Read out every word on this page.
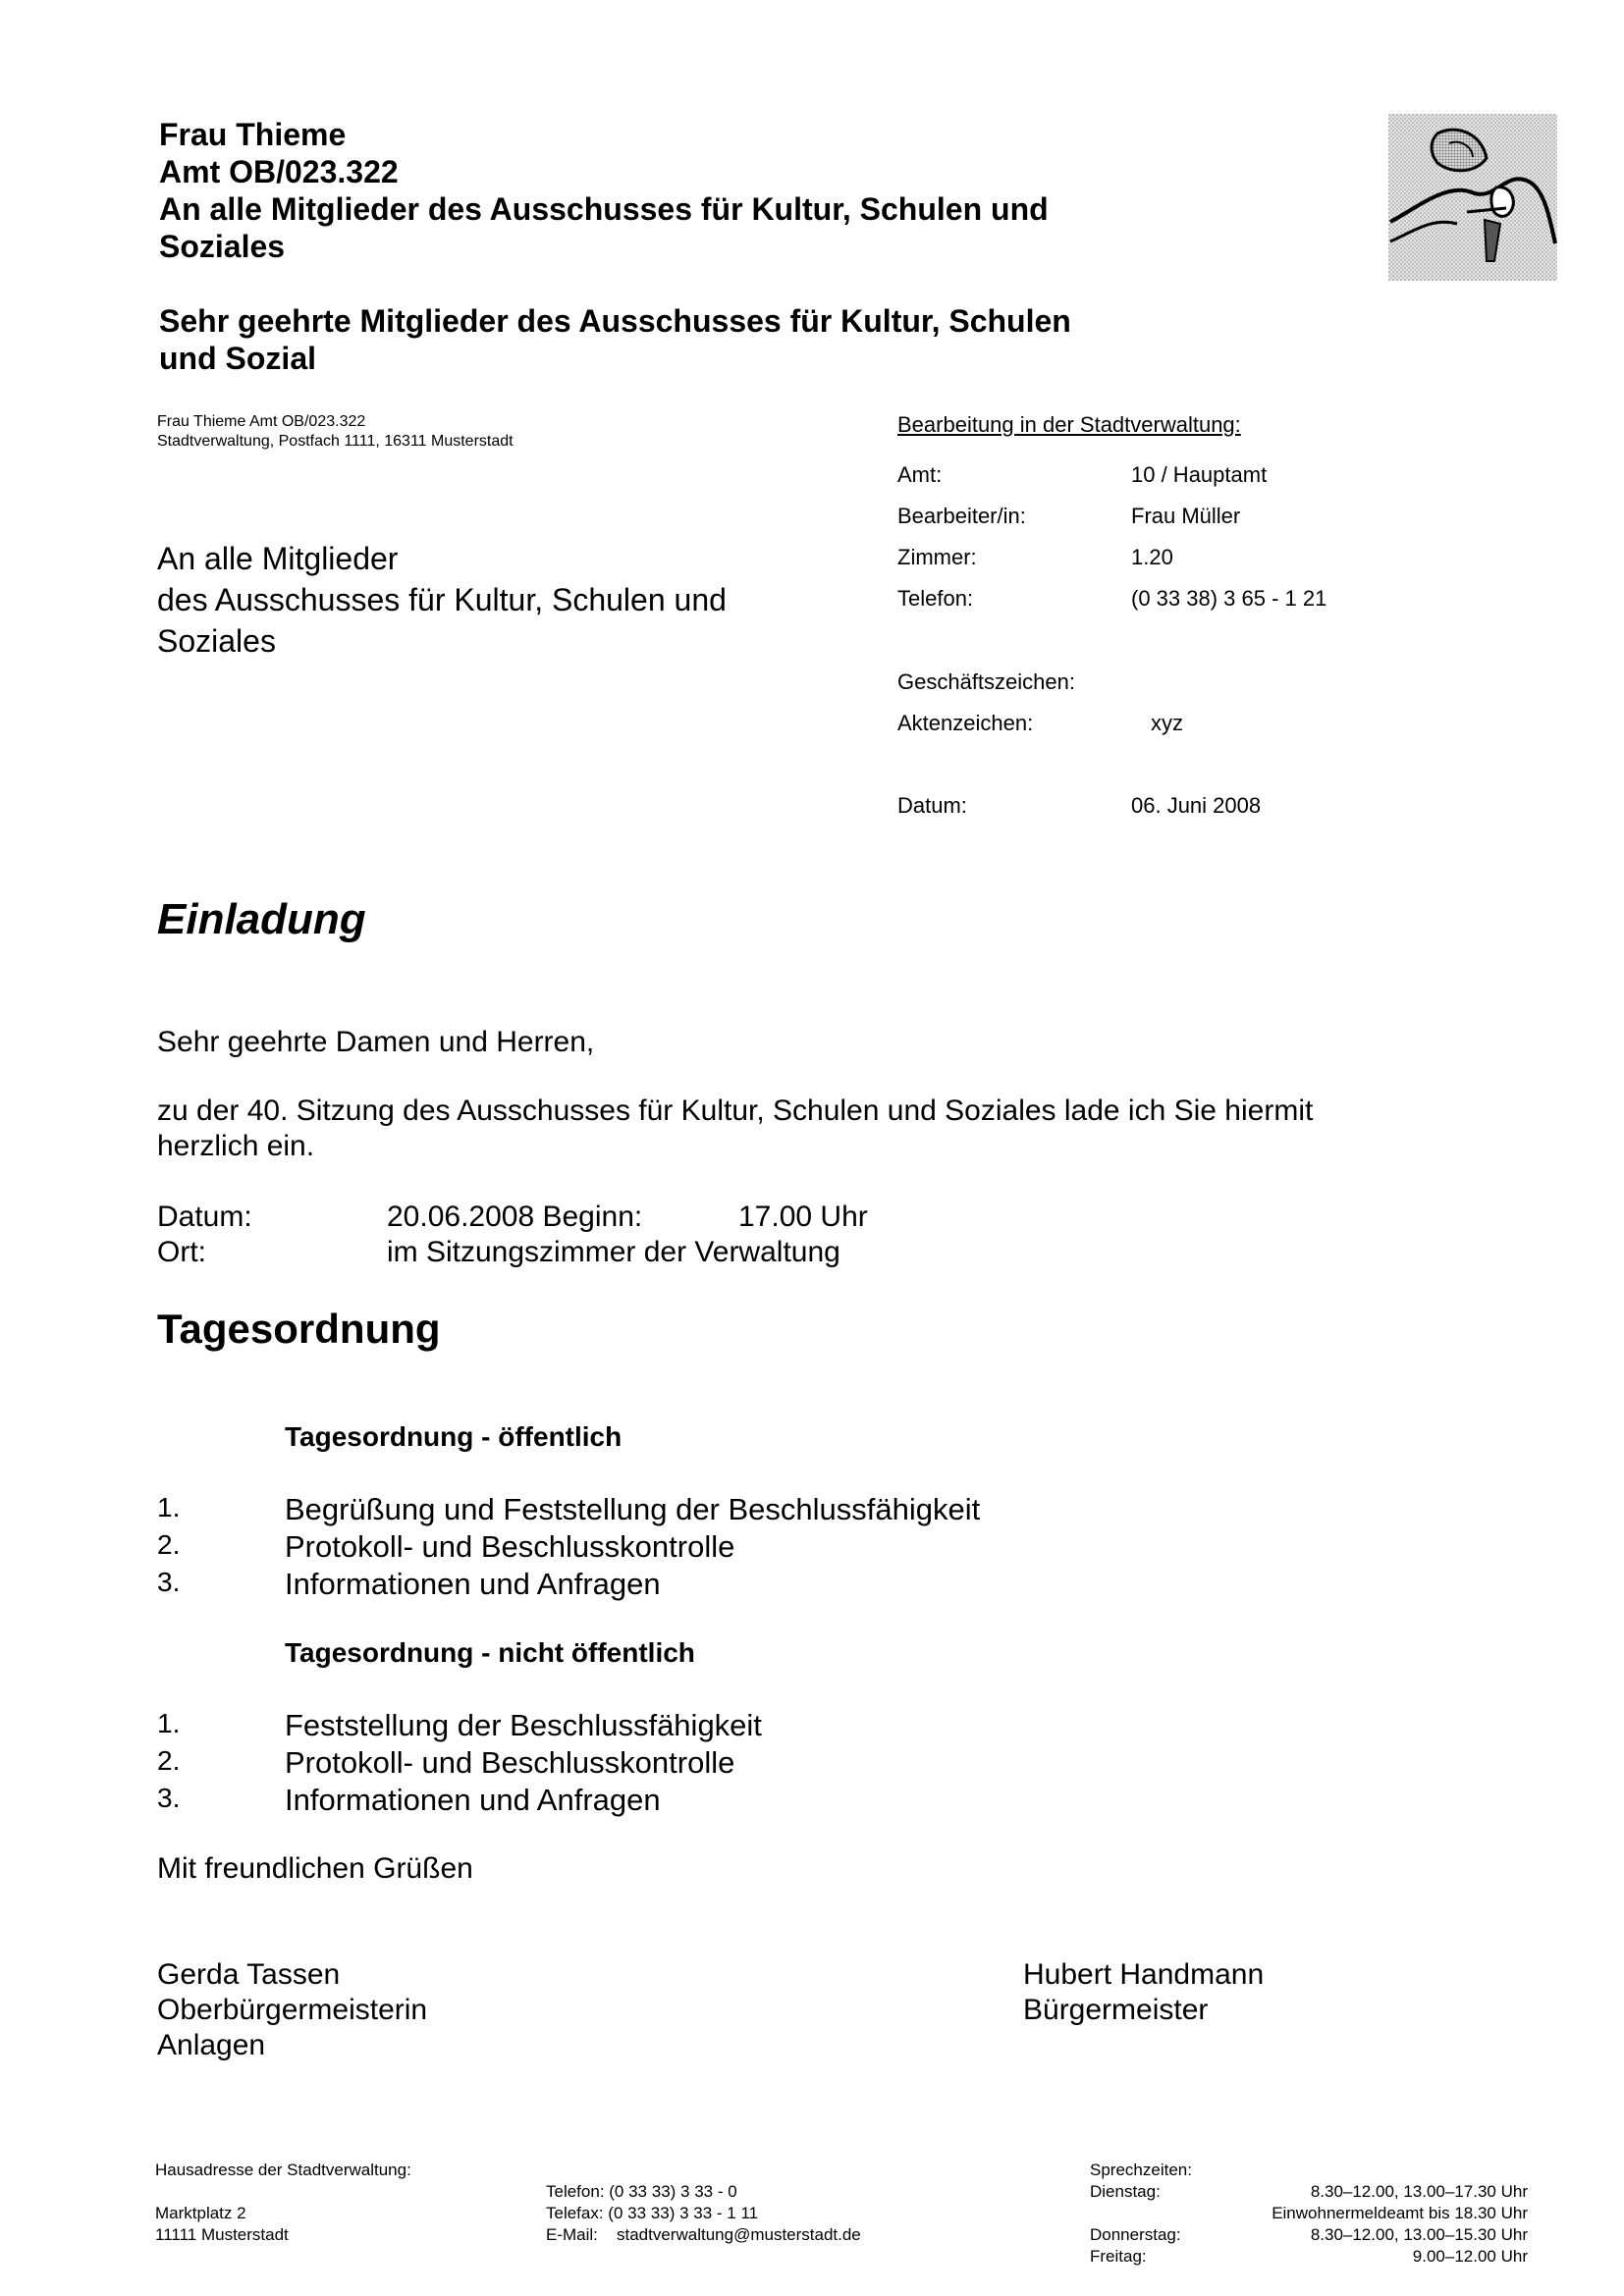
Frau Thieme
Amt OB/023.322
An alle Mitglieder des Ausschusses für Kultur, Schulen und
Soziales
Sehr geehrte Mitglieder des Ausschusses für Kultur, Schulen
und Sozial
Frau Thieme Amt OB/023.322
Stadtverwaltung, Postfach 1111, 16311 Musterstadt
An alle Mitglieder
des Ausschusses für Kultur, Schulen und
Soziales
Bearbeitung in der Stadtverwaltung:
Amt:	10 / Hauptamt
Bearbeiter/in:	Frau Müller
Zimmer:	1.20
Telefon:	(0 33 38) 3 65 - 1 21
Geschäftszeichen:
Aktenzeichen:	xyz
Datum:	06. Juni 2008
Einladung
Sehr geehrte Damen und Herren,
zu der 40. Sitzung des Ausschusses für Kultur, Schulen und Soziales lade ich Sie hiermit
herzlich ein.
Datum:	20.06.2008 Beginn:	17.00 Uhr
Ort:	im Sitzungszimmer der Verwaltung
Tagesordnung
Tagesordnung - öffentlich
1.	Begrüßung und Feststellung der Beschlussfähigkeit
2.	Protokoll- und Beschlusskontrolle
3.	Informationen und Anfragen
Tagesordnung - nicht öffentlich
1.	Feststellung der Beschlussfähigkeit
2.	Protokoll- und Beschlusskontrolle
3.	Informationen und Anfragen
Mit freundlichen Grüßen
Gerda Tassen
Oberbürgermeisterin
Anlagen
Hubert Handmann
Bürgermeister
Hausadresse der Stadtverwaltung:
Marktplatz 2
11111 Musterstadt
Telefon: (0 33 33) 3 33 - 0
Telefax: (0 33 33) 3 33 - 1 11
E-Mail: stadtverwaltung@musterstadt.de
Sprechzeiten:
Dienstag:	8.30–12.00, 13.00–17.30 Uhr
Einwohnermeldeamt bis 18.30 Uhr
Donnerstag:	8.30–12.00, 13.00–15.30 Uhr
Freitag:	9.00–12.00 Uhr
